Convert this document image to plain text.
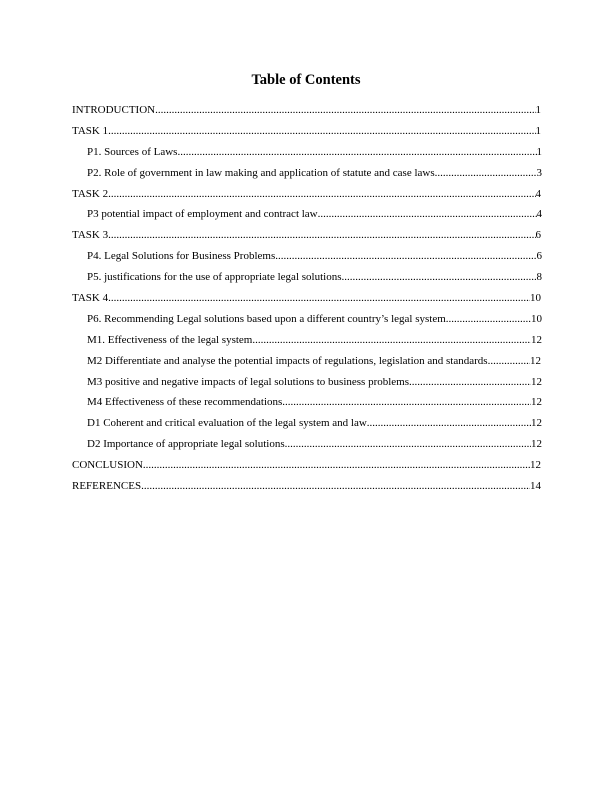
Table of Contents
INTRODUCTION .....	1
TASK 1 .....	1
P1. Sources of Laws .....	1
P2. Role of government in law making and application of statute and case laws .....	3
TASK 2 .....	4
P3 potential impact of employment and contract law .....	4
TASK 3 .....	6
P4. Legal Solutions for Business Problems .....	6
P5. justifications for the use of appropriate legal solutions .....	8
TASK 4 .....	10
P6. Recommending Legal solutions based upon a different country’s legal system .....	10
M1. Effectiveness of the legal system .....	12
M2 Differentiate and analyse the potential impacts of regulations, legislation and standards. .....	12
M3 positive and negative impacts of legal solutions to business problems .....	12
M4 Effectiveness of these recommendations .....	12
D1 Coherent and critical evaluation of the legal system and law .....	12
D2 Importance of appropriate legal solutions .....	12
CONCLUSION .....	12
REFERENCES .....	14
